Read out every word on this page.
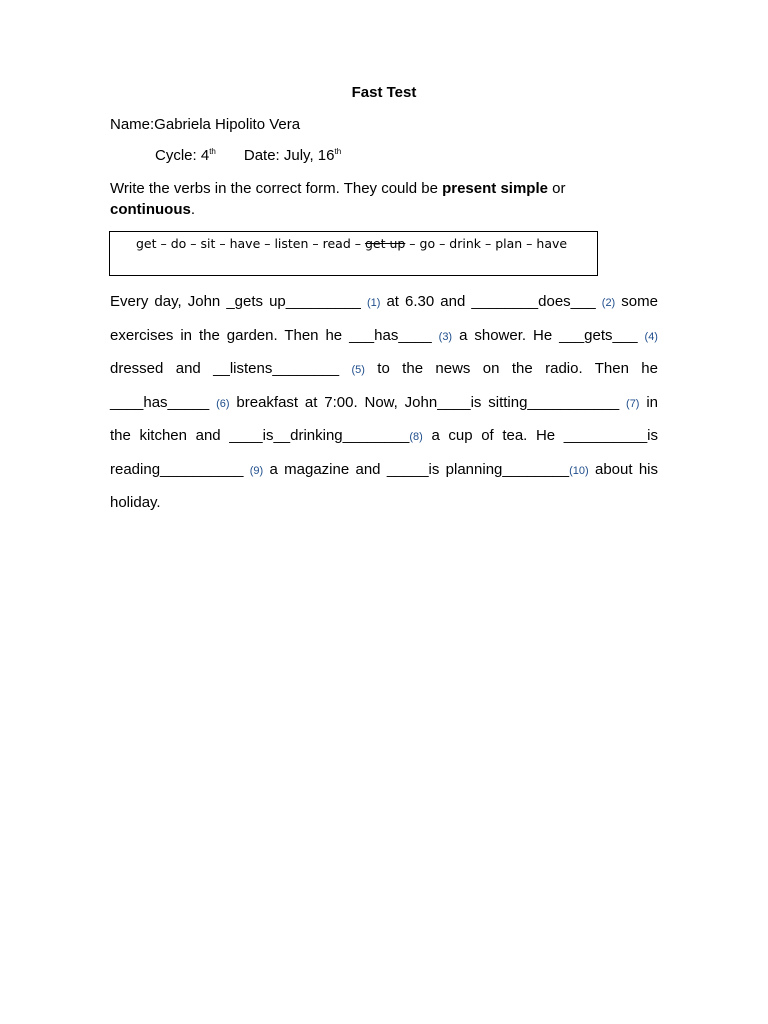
Fast Test
Name:Gabriela Hipolito Vera
Cycle: 4th Date: July, 16th
Write the verbs in the correct form. They could be present simple or
continuous.
get – do – sit – have – listen – read – get up – go – drink – plan – have
Every day, John _gets up_________ (1) at 6.30 and ________does___ (2) some
exercises in the garden. Then he ___has____ (3) a shower. He ___gets___ (4)
dressed and __listens________ (5) to the news on the radio. Then he
____has_____ (6) breakfast at 7:00. Now, John____is sitting___________ (7) in
the kitchen and ____is__drinking________(8) a cup of tea. He __________is
reading__________ (9) a magazine and _____is planning________(10) about his
holiday.
